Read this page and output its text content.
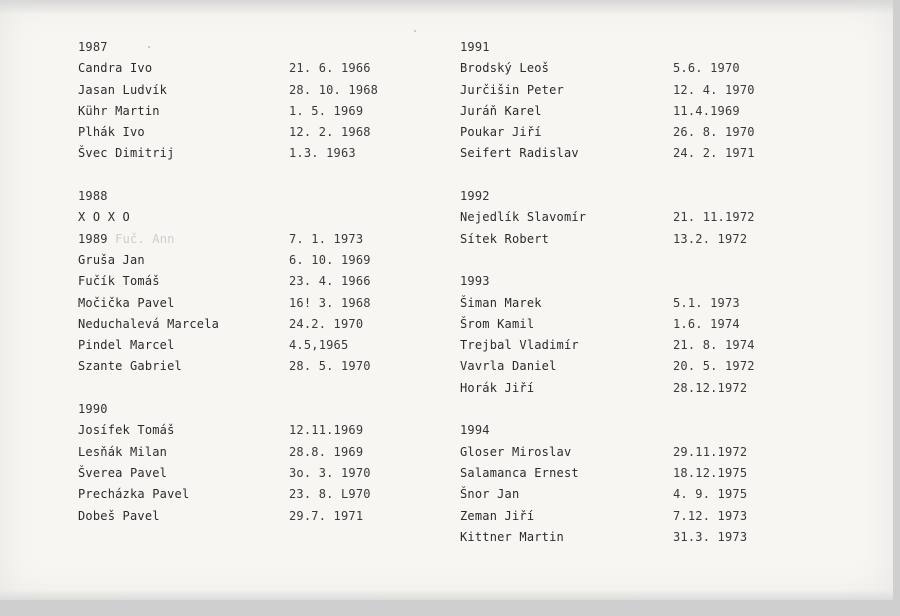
1987
Candra Ivo	21. 6. 1966
Jasan Ludvík	28. 10. 1968
Kühr Martin	1. 5. 1969
Plhák Ivo	12. 2. 1968
Švec Dimitrij	1.3. 1963
1988
X O X O
1989 Fuč. Ann	7. 1. 1973
Gruša Jan	6. 10. 1969
Fučík Tomáš	23. 4. 1966
Močička Pavel	16! 3. 1968
Neduchalevá Marcela	24.2. 1970
Pindel Marcel	4.5,1965
Szante Gabriel	28. 5. 1970
1990
Josífek Tomáš	12.11.1969
Lesňák Milan	28.8. 1969
Šverea Pavel	3o. 3. 1970
Precházka Pavel	23. 8. L970
Dobeš Pavel	29.7. 1971
1991
Brodský Leoš	5.6. 1970
Jurčišin Peter	12. 4. 1970
Juráň Karel	11.4.1969
Poukar Jiří	26. 8. 1970
Seifert Radislav	24. 2. 1971
1992
Nejedlík Slavomír	21. 11.1972
Sítek Robert	13.2. 1972
1993
Šiman Marek	5.1. 1973
Šrom Kamil	1.6. 1974
Trejbal Vladimír	21. 8. 1974
Vavrla Daniel	20. 5. 1972
Horák Jiří	28.12.1972
1994
Gloser Miroslav	29.11.1972
Salamanca Ernest	18.12.1975
Šnor Jan	4. 9. 1975
Zeman Jiří	7.12. 1973
Kittner Martin	31.3. 1973
